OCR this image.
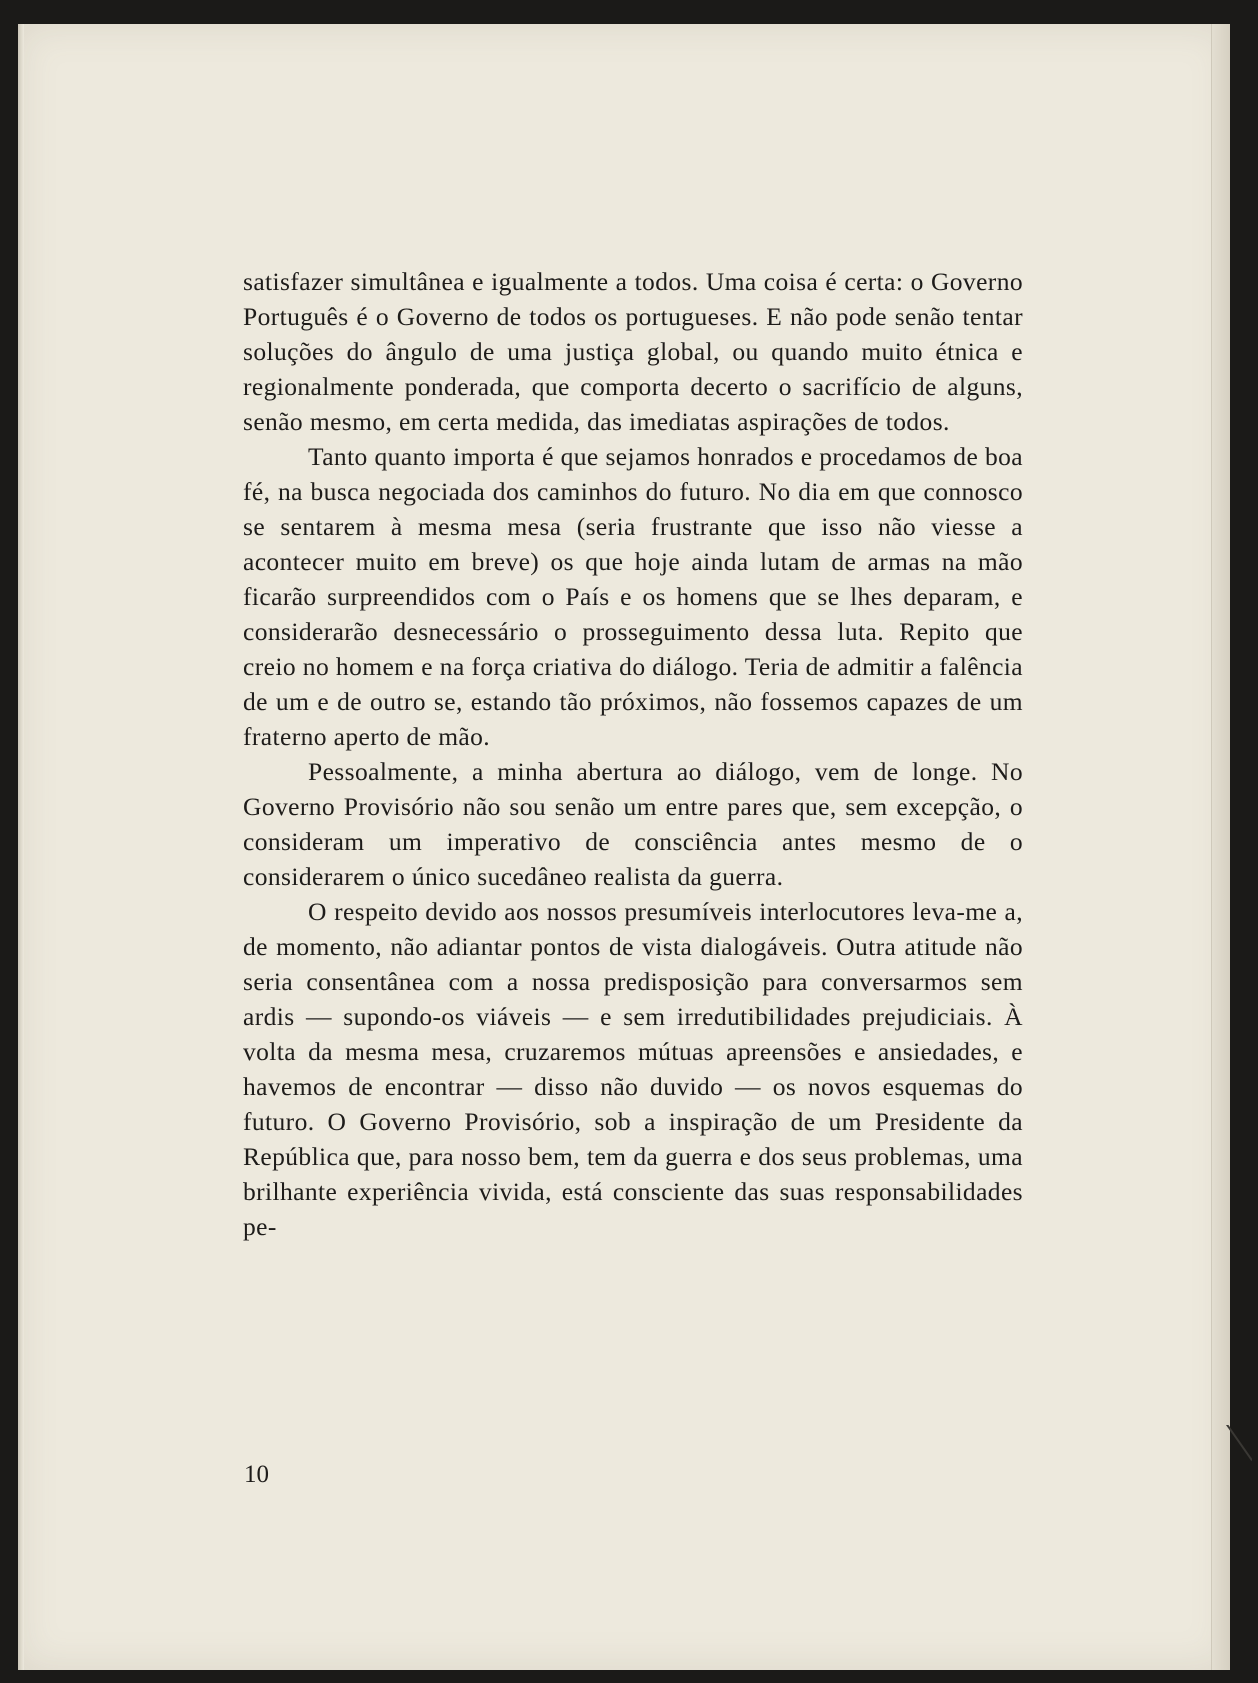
satisfazer simultânea e igualmente a todos. Uma coisa é certa: o Governo Português é o Governo de todos os portugueses. E não pode senão tentar soluções do ângulo de uma justiça global, ou quando muito étnica e regionalmente ponderada, que comporta decerto o sacrifício de alguns, senão mesmo, em certa medida, das imediatas aspirações de todos.

Tanto quanto importa é que sejamos honrados e procedamos de boa fé, na busca negociada dos caminhos do futuro. No dia em que connosco se sentarem à mesma mesa (seria frustrante que isso não viesse a acontecer muito em breve) os que hoje ainda lutam de armas na mão ficarão surpreendidos com o País e os homens que se lhes deparam, e considerarão desnecessário o prosseguimento dessa luta. Repito que creio no homem e na força criativa do diálogo. Teria de admitir a falência de um e de outro se, estando tão próximos, não fossemos capazes de um fraterno aperto de mão.

Pessoalmente, a minha abertura ao diálogo, vem de longe. No Governo Provisório não sou senão um entre pares que, sem excepção, o consideram um imperativo de consciência antes mesmo de o considerarem o único sucedâneo realista da guerra.

O respeito devido aos nossos presumíveis interlocutores leva-me a, de momento, não adiantar pontos de vista dialogáveis. Outra atitude não seria consentânea com a nossa predisposição para conversarmos sem ardis — supondo-os viáveis — e sem irredutibilidades prejudiciais. À volta da mesma mesa, cruzaremos mútuas apreensões e ansiedades, e havemos de encontrar — disso não duvido — os novos esquemas do futuro. O Governo Provisório, sob a inspiração de um Presidente da República que, para nosso bem, tem da guerra e dos seus problemas, uma brilhante experiência vivida, está consciente das suas responsabilidades pe-

10
